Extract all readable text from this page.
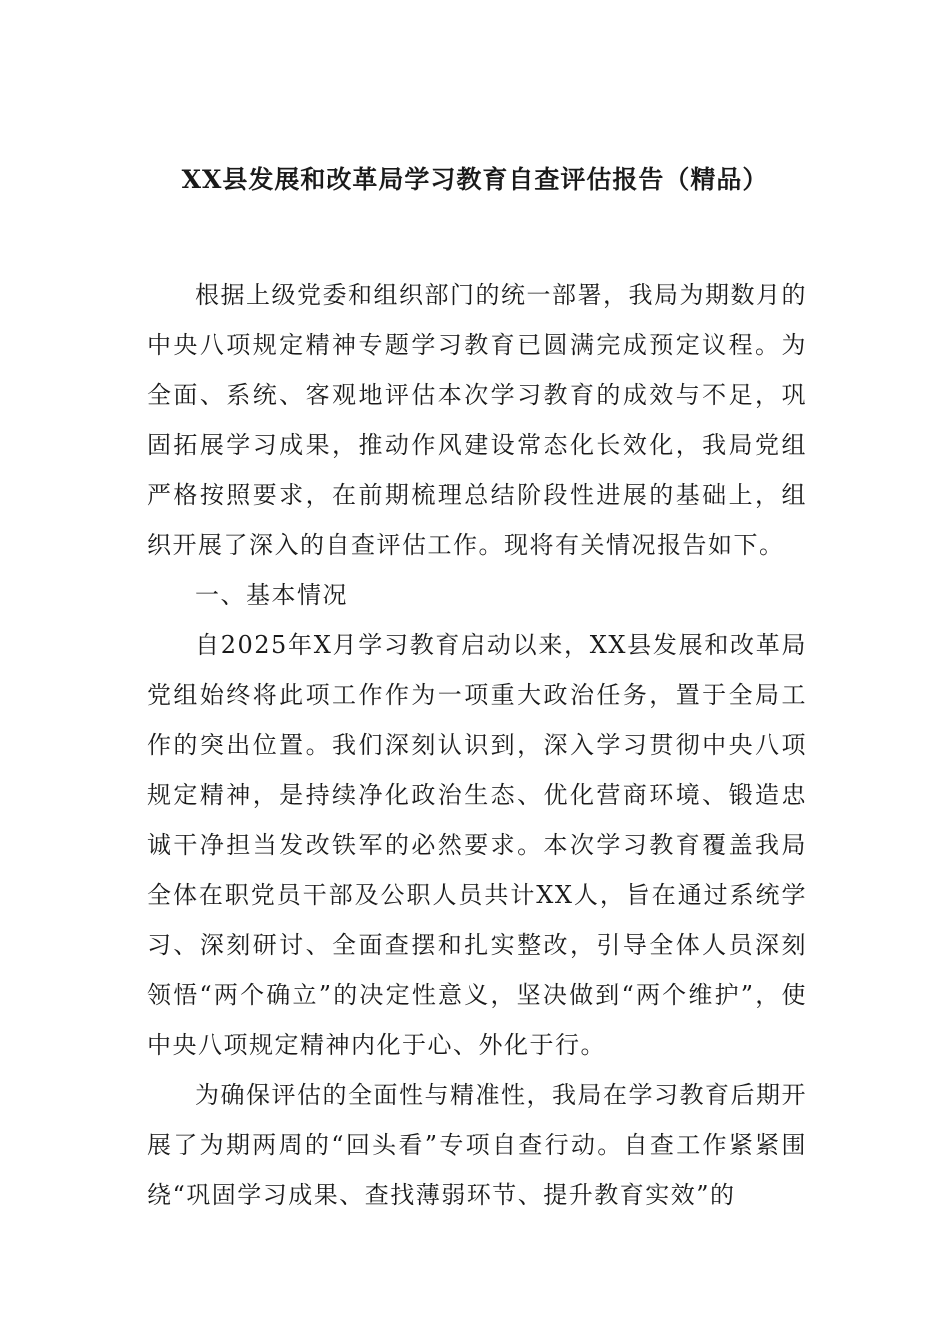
XX县发展和改革局学习教育自查评估报告（精品）

根据上级党委和组织部门的统一部署，我局为期数月的中央八项规定精神专题学习教育已圆满完成预定议程。为全面、系统、客观地评估本次学习教育的成效与不足，巩固拓展学习成果，推动作风建设常态化长效化，我局党组严格按照要求，在前期梳理总结阶段性进展的基础上，组织开展了深入的自查评估工作。现将有关情况报告如下。

一、基本情况

自2025年X月学习教育启动以来，XX县发展和改革局党组始终将此项工作作为一项重大政治任务，置于全局工作的突出位置。我们深刻认识到，深入学习贯彻中央八项规定精神，是持续净化政治生态、优化营商环境、锻造忠诚干净担当发改铁军的必然要求。本次学习教育覆盖我局全体在职党员干部及公职人员共计XX人，旨在通过系统学习、深刻研讨、全面查摆和扎实整改，引导全体人员深刻领悟“两个确立”的决定性意义，坚决做到“两个维护”，使中央八项规定精神内化于心、外化于行。

为确保评估的全面性与精准性，我局在学习教育后期开展了为期两周的“回头看”专项自查行动。自查工作紧紧围绕“巩固学习成果、查找薄弱环节、提升教育实效”的
